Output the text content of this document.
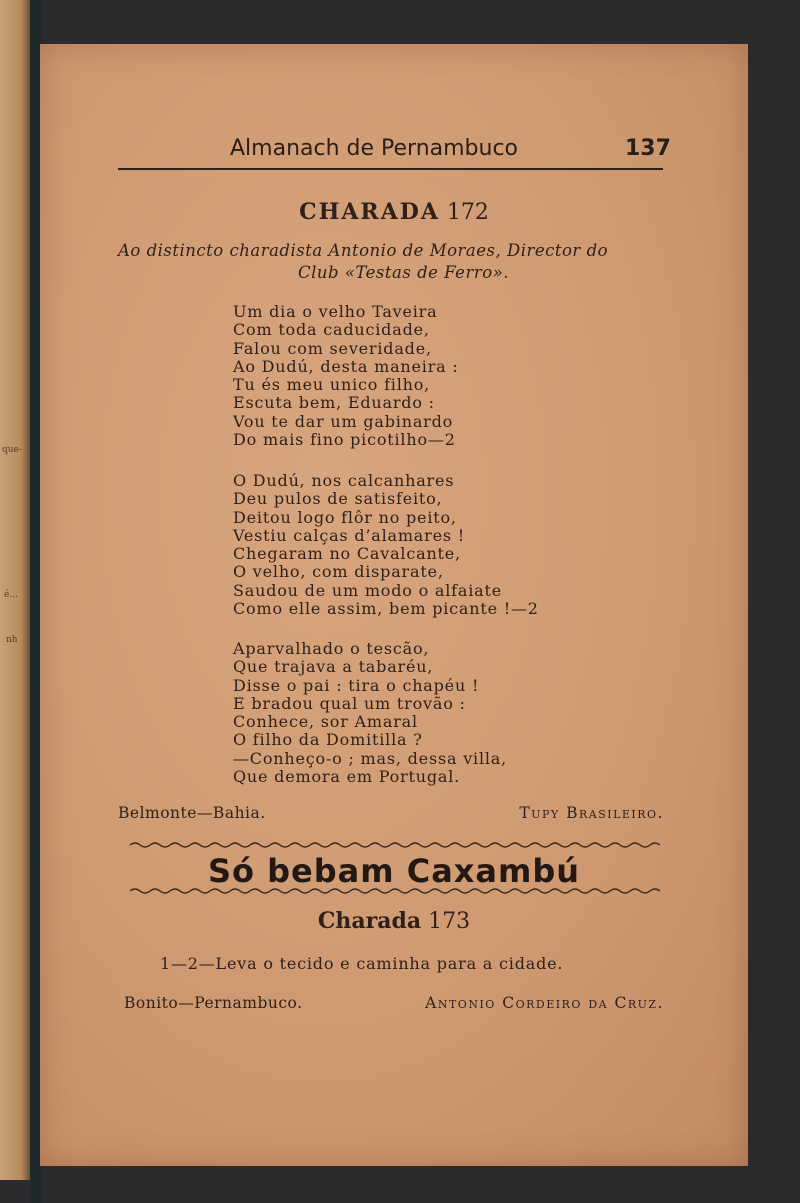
que-
é...
nh
Almanach de Pernambuco	137
CHARADA 172
Ao distincto charadista Antonio de Moraes, Director do
Club «Testas de Ferro».
Um dia o velho Taveira
Com toda caducidade,
Falou com severidade,
Ao Dudú, desta maneira :
Tu és meu unico filho,
Escuta bem, Eduardo :
Vou te dar um gabinardo
Do mais fino picotilho—2
O Dudú, nos calcanhares
Deu pulos de satisfeito,
Deitou logo flôr no peito,
Vestiu calças d’alamares !
Chegaram no Cavalcante,
O velho, com disparate,
Saudou de um modo o alfaiate
Como elle assim, bem picante !—2
Aparvalhado o tescão,
Que trajava a tabaréu,
Disse o pai : tira o chapéu !
E bradou qual um trovão :
Conhece, sor Amaral
O filho da Domitilla ?
—Conheço-o ; mas, dessa villa,
Que demora em Portugal.
Belmonte—Bahia.	Tupy Brasileiro.
Só bebam Caxambú
Charada 173
1—2—Leva o tecido e caminha para a cidade.
Bonito—Pernambuco.	Antonio Cordeiro da Cruz.
